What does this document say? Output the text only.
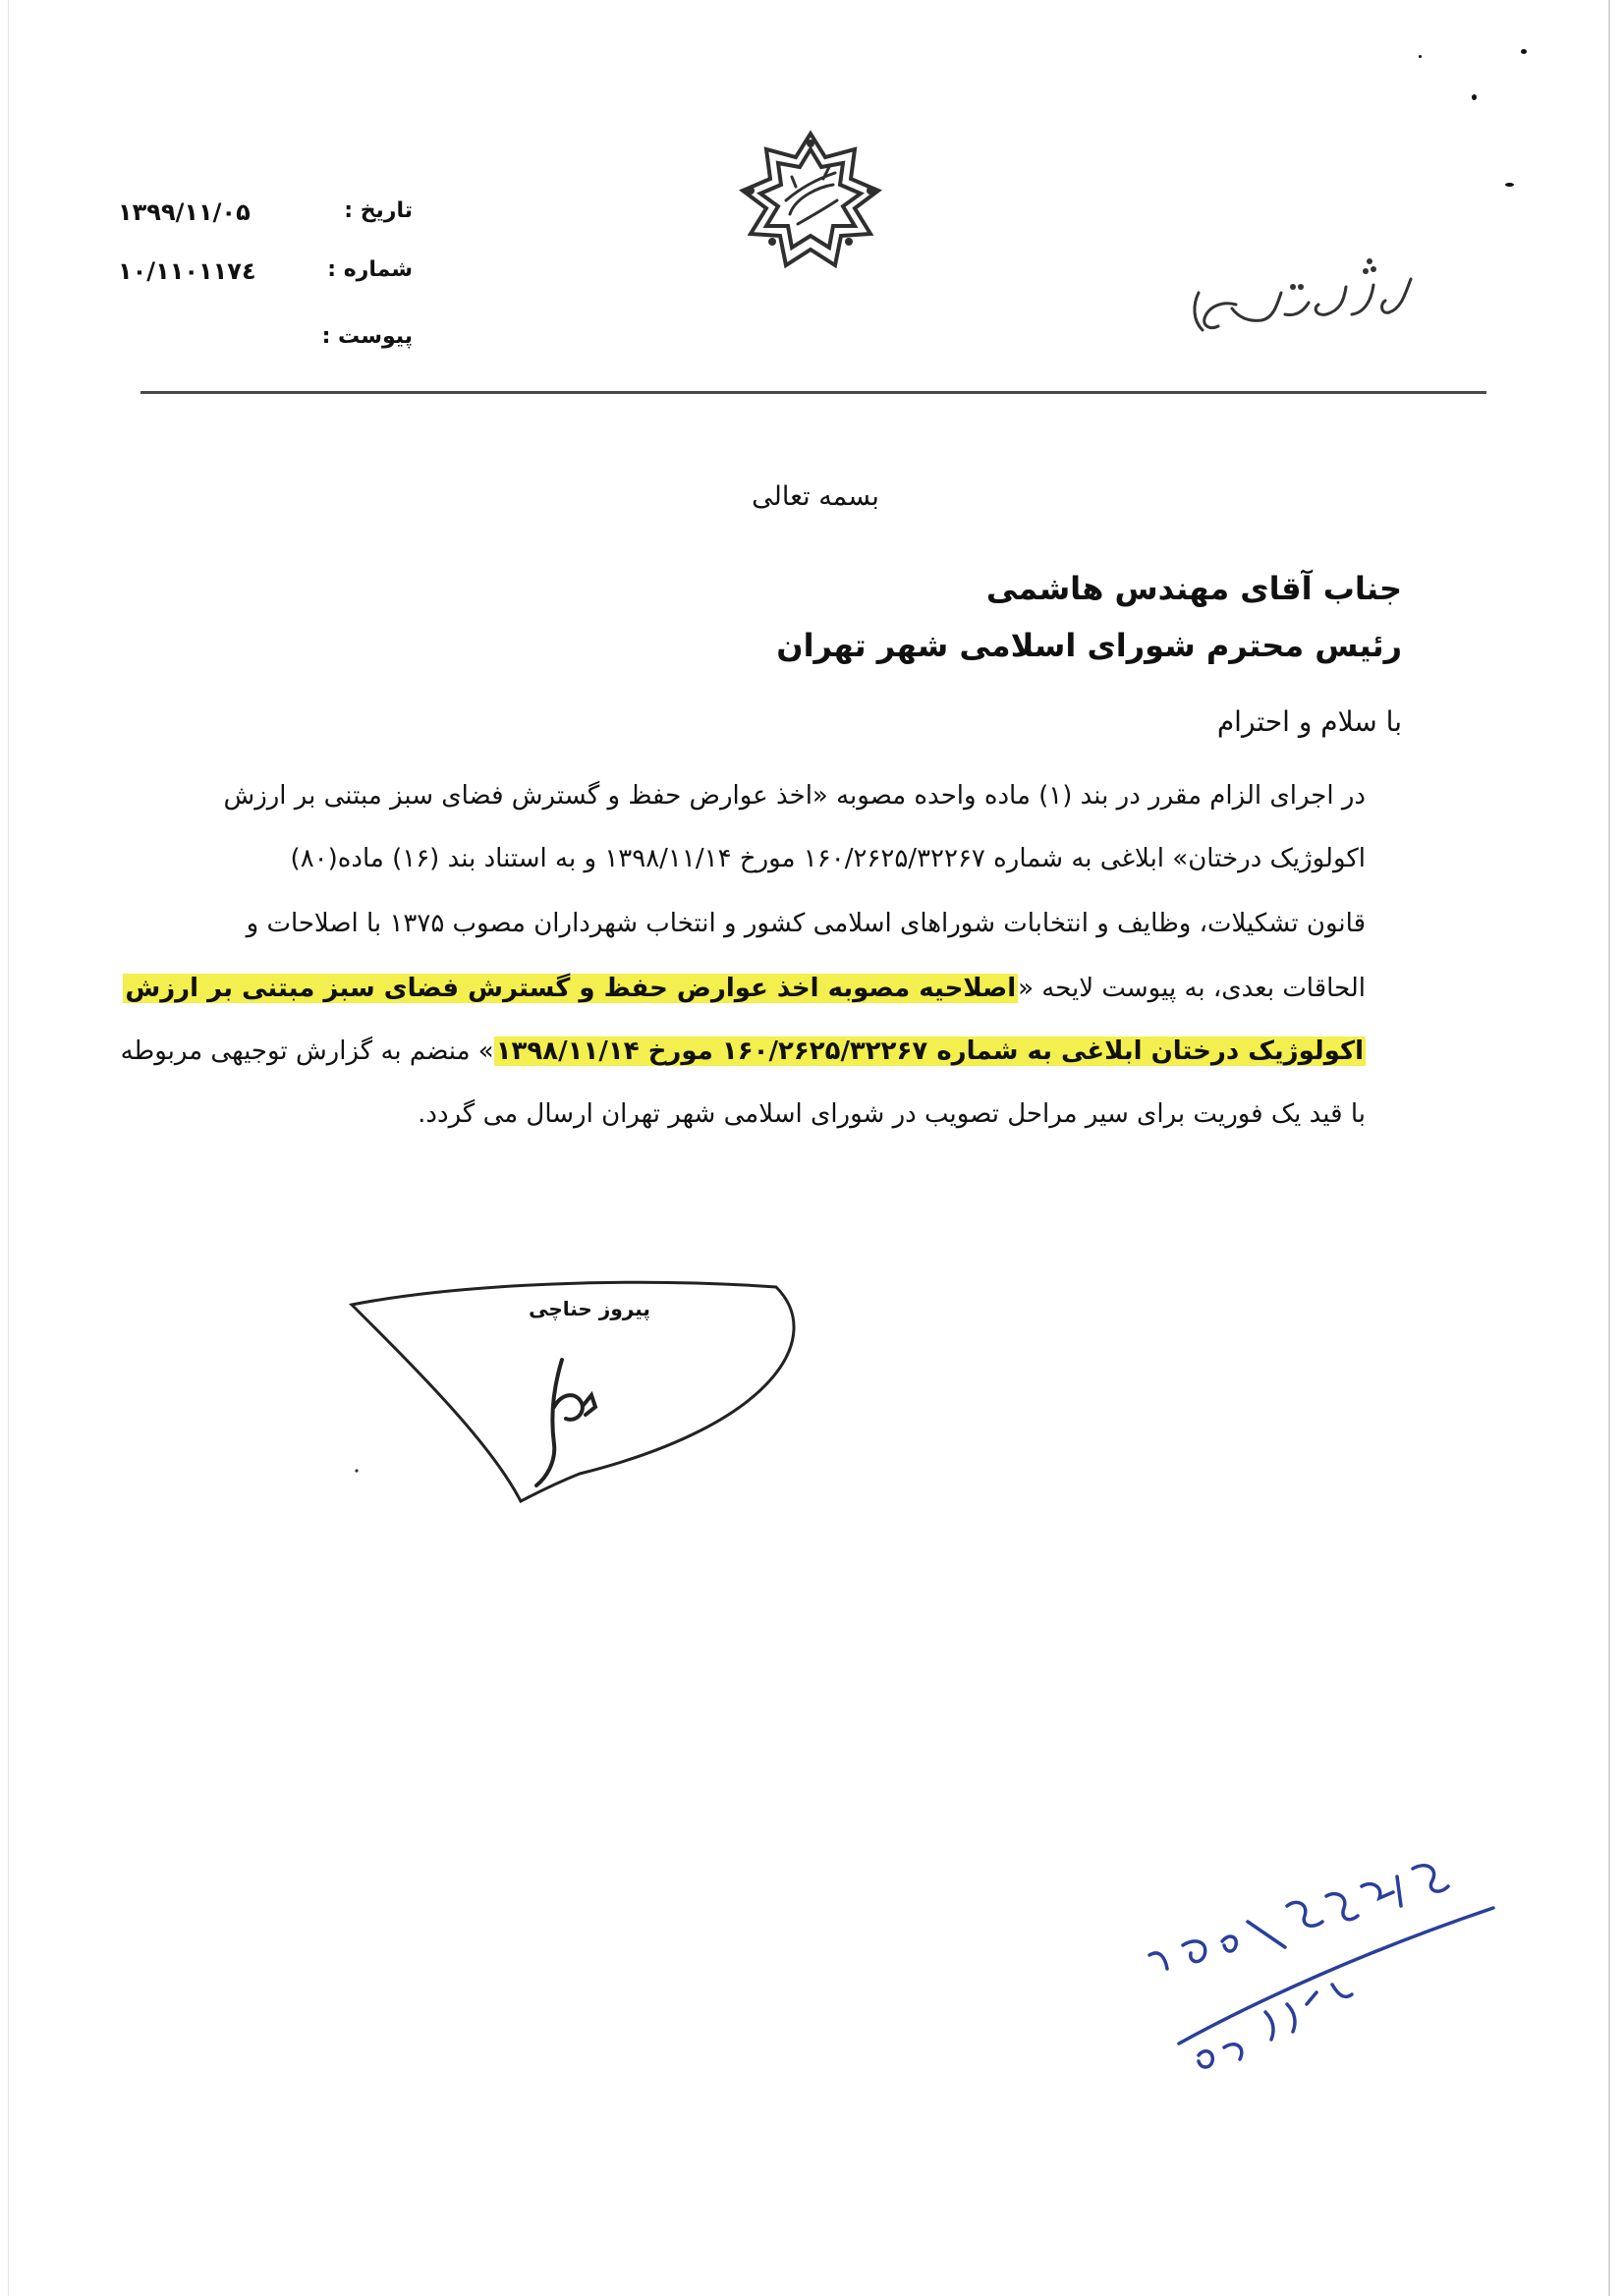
تاریخ :
۱۳۹۹/۱۱/۰۵
شماره :
۱۰/۱۱۰۱۱۷٤
پیوست :
شهرداری تهران
بسمه تعالی
جناب آقای مهندس هاشمی
رئیس محترم شورای اسلامی شهر تهران
با سلام و احترام
در اجرای الزام مقرر در بند (۱) ماده واحده مصوبه «اخذ عوارض حفظ و گسترش فضای سبز مبتنی بر ارزش
اکولوژیک درختان» ابلاغی به شماره ۱۶۰/۲۶۲۵/۳۲۲۶۷ مورخ ۱۳۹۸/۱۱/۱۴ و به استناد بند (۱۶) ماده(۸۰)
قانون تشکیلات، وظایف و انتخابات شوراهای اسلامی کشور و انتخاب شهرداران مصوب ۱۳۷۵ با اصلاحات و
الحاقات بعدی، به پیوست لایحه «اصلاحیه مصوبه اخذ عوارض حفظ و گسترش فضای سبز مبتنی بر ارزش
اکولوژیک درختان ابلاغی به شماره ۱۶۰/۲۶۲۵/۳۲۲۶۷ مورخ ۱۳۹۸/۱۱/۱۴» منضم به گزارش توجیهی مربوطه
با قید یک فوریت برای سیر مراحل تصویب در شورای اسلامی شهر تهران ارسال می گردد.
پیروز حناچی
